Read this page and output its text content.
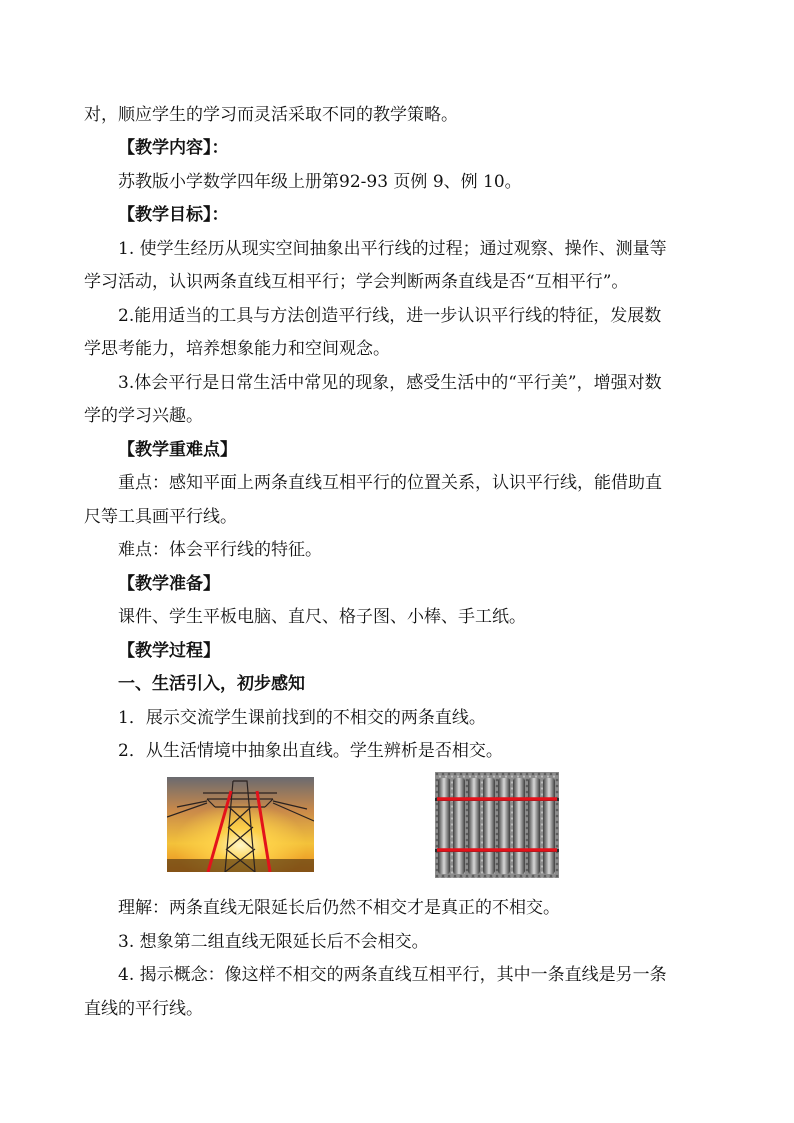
对，顺应学生的学习而灵活采取不同的教学策略。
【教学内容】：
苏教版小学数学四年级上册第92-93 页例 9、例 10。
【教学目标】：
1. 使学生经历从现实空间抽象出平行线的过程；通过观察、操作、测量等
学习活动，认识两条直线互相平行；学会判断两条直线是否“互相平行”。
2.能用适当的工具与方法创造平行线，进一步认识平行线的特征，发展数
学思考能力，培养想象能力和空间观念。
3.体会平行是日常生活中常见的现象，感受生活中的“平行美”，增强对数
学的学习兴趣。
【教学重难点】
重点：感知平面上两条直线互相平行的位置关系，认识平行线，能借助直
尺等工具画平行线。
难点：体会平行线的特征。
【教学准备】
课件、学生平板电脑、直尺、格子图、小棒、手工纸。
【教学过程】
一、生活引入，初步感知
1．展示交流学生课前找到的不相交的两条直线。
2．从生活情境中抽象出直线。学生辨析是否相交。
理解：两条直线无限延长后仍然不相交才是真正的不相交。
3. 想象第二组直线无限延长后不会相交。
4. 揭示概念：像这样不相交的两条直线互相平行，其中一条直线是另一条
直线的平行线。
